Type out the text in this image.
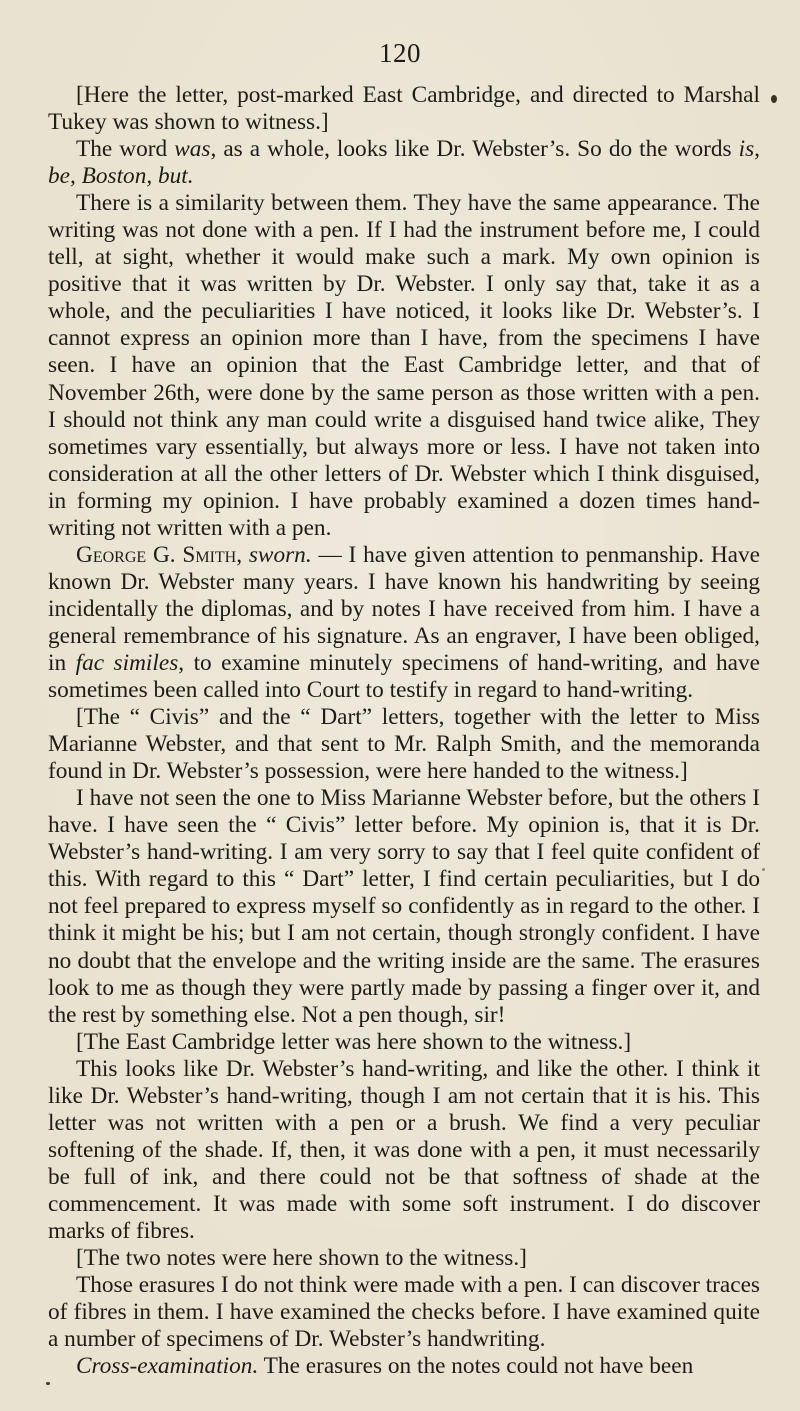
120

[Here the letter, post-marked East Cambridge, and directed to Marshal Tukey was shown to witness.]

The word was, as a whole, looks like Dr. Webster’s. So do the words is, be, Boston, but.

There is a similarity between them. They have the same appearance. The writing was not done with a pen. If I had the instrument before me, I could tell, at sight, whether it would make such a mark. My own opinion is positive that it was written by Dr. Webster. I only say that, take it as a whole, and the peculiarities I have noticed, it looks like Dr. Webster’s. I cannot express an opinion more than I have, from the specimens I have seen. I have an opinion that the East Cambridge letter, and that of November 26th, were done by the same person as those written with a pen. I should not think any man could write a disguised hand twice alike, They sometimes vary essentially, but always more or less. I have not taken into consideration at all the other letters of Dr. Webster which I think disguised, in forming my opinion. I have probably examined a dozen times hand-writing not written with a pen.

George G. Smith, sworn. — I have given attention to penmanship. Have known Dr. Webster many years. I have known his handwriting by seeing incidentally the diplomas, and by notes I have received from him. I have a general remembrance of his signature. As an engraver, I have been obliged, in fac similes, to examine minutely specimens of hand-writing, and have sometimes been called into Court to testify in regard to hand-writing.

[The “ Civis” and the “ Dart” letters, together with the letter to Miss Marianne Webster, and that sent to Mr. Ralph Smith, and the memoranda found in Dr. Webster’s possession, were here handed to the witness.]

I have not seen the one to Miss Marianne Webster before, but the others I have. I have seen the “ Civis” letter before. My opinion is, that it is Dr. Webster’s hand-writing. I am very sorry to say that I feel quite confident of this. With regard to this “ Dart” letter, I find certain peculiarities, but I do not feel prepared to express myself so confidently as in regard to the other. I think it might be his; but I am not certain, though strongly confident. I have no doubt that the envelope and the writing inside are the same. The erasures look to me as though they were partly made by passing a finger over it, and the rest by something else. Not a pen though, sir!

[The East Cambridge letter was here shown to the witness.]

This looks like Dr. Webster’s hand-writing, and like the other. I think it like Dr. Webster’s hand-writing, though I am not certain that it is his. This letter was not written with a pen or a brush. We find a very peculiar softening of the shade. If, then, it was done with a pen, it must necessarily be full of ink, and there could not be that softness of shade at the commencement. It was made with some soft instrument. I do discover marks of fibres.

[The two notes were here shown to the witness.]

Those erasures I do not think were made with a pen. I can discover traces of fibres in them. I have examined the checks before. I have examined quite a number of specimens of Dr. Webster’s handwriting.

Cross-examination. The erasures on the notes could not have been
